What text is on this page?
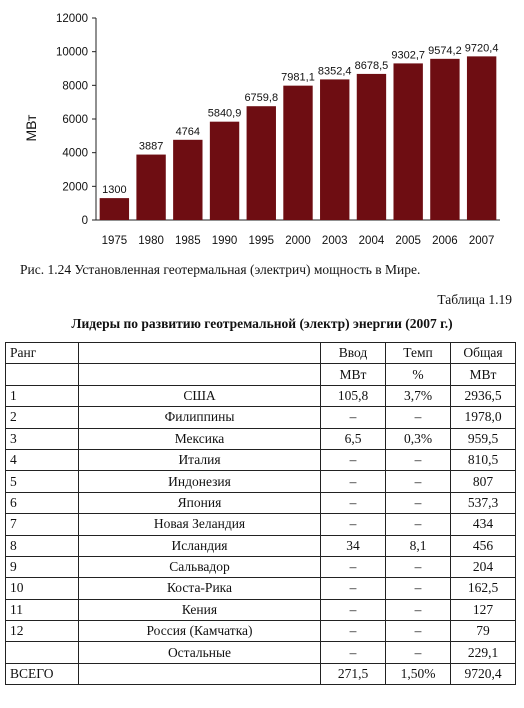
МВт
0
2000
4000
6000
8000
10000
12000
1300
1975
3887
1980
4764
1985
5840,9
1990
6759,8
1995
7981,1
2000
8352,4
2003
8678,5
2004
9302,7
2005
9574,2
2006
9720,4
2007
Рис. 1.24 Установленная геотермальная (электрич) мощность в Мире.
Таблица 1.19
Лидеры по развитию геотремальной (электр) энергии (2007 г.)
Ранг		Ввод	Темп	Общая
		МВт	%	МВт
1	США	105,8	3,7%	2936,5
2	Филиппины	–	–	1978,0
3	Мексика	6,5	0,3%	959,5
4	Италия	–	–	810,5
5	Индонезия	–	–	807
6	Япония	–	–	537,3
7	Новая Зеландия	–	–	434
8	Исландия	34	8,1	456
9	Сальвадор	–	–	204
10	Коста-Рика	–	–	162,5
11	Кения	–	–	127
12	Россия (Камчатка)	–	–	79
	Остальные	–	–	229,1
ВСЕГО		271,5	1,50%	9720,4
